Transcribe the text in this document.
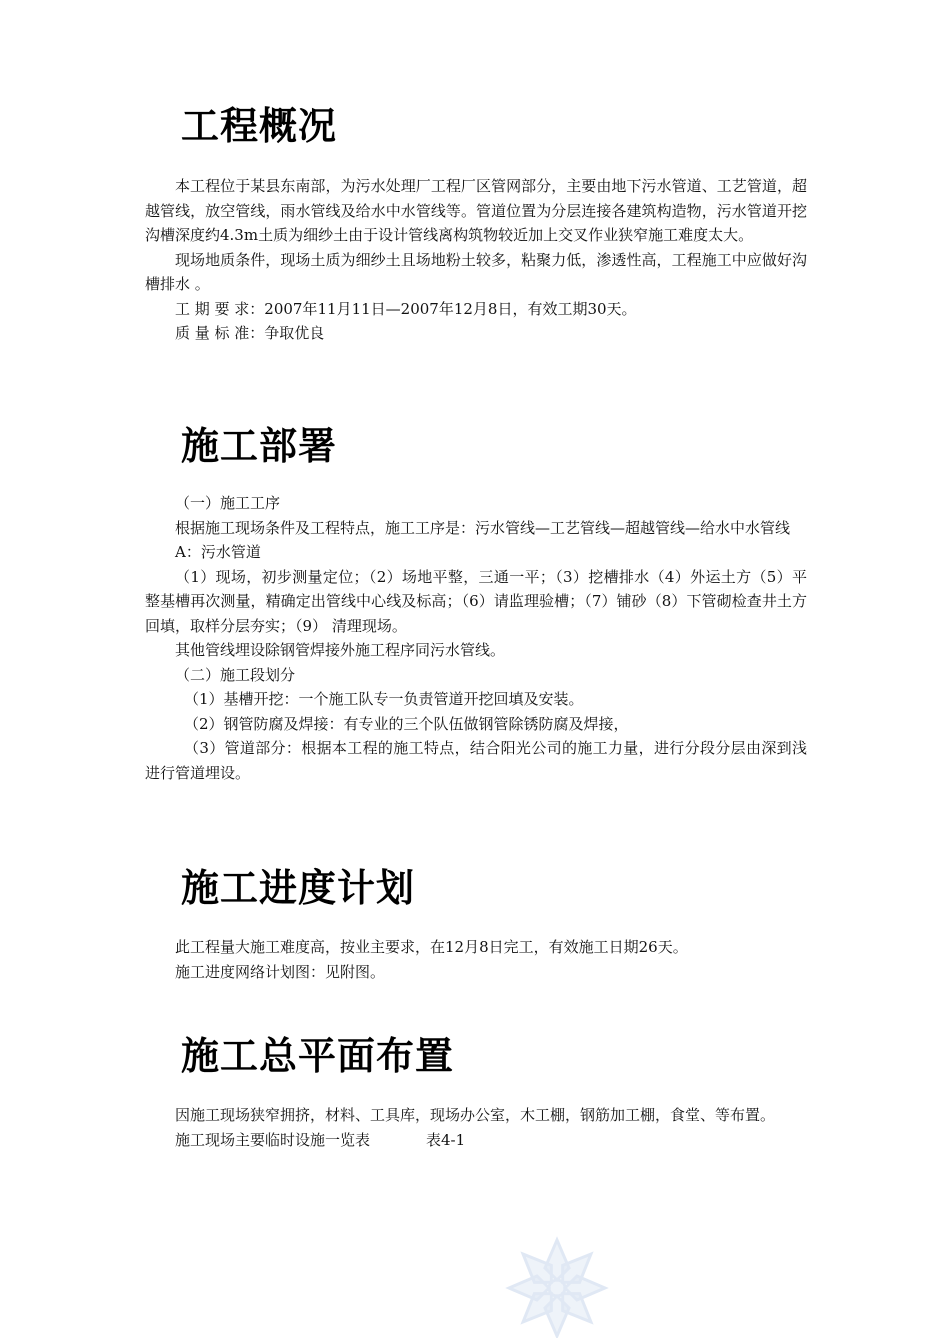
工程概况

本工程位于某县东南部，为污水处理厂工程厂区管网部分，主要由地下污水管道、工艺管道，超越管线，放空管线，雨水管线及给水中水管线等。管道位置为分层连接各建筑构造物，污水管道开挖沟槽深度约4.3m土质为细纱土由于设计管线离构筑物较近加上交叉作业狭窄施工难度太大。

现场地质条件，现场土质为细纱土且场地粉土较多，粘聚力低，渗透性高，工程施工中应做好沟槽排水 。

工 期 要 求：2007年11月11日—2007年12月8日，有效工期30天。

质 量 标 准：争取优良

施工部署

（一）施工工序

根据施工现场条件及工程特点，施工工序是：污水管线—工艺管线—超越管线—给水中水管线

A：污水管道

（1）现场，初步测量定位；（2）场地平整，三通一平；（3）挖槽排水（4）外运土方（5）平整基槽再次测量，精确定出管线中心线及标高；（6）请监理验槽；（7）铺砂（8）下管砌检查井土方回填，取样分层夯实；（9） 清理现场。

其他管线埋设除钢管焊接外施工程序同污水管线。

（二）施工段划分

（1）基槽开挖：一个施工队专一负责管道开挖回填及安装。

（2）钢管防腐及焊接：有专业的三个队伍做钢管除锈防腐及焊接，

（3）管道部分：根据本工程的施工特点，结合阳光公司的施工力量，进行分段分层由深到浅进行管道埋设。

施工进度计划

此工程量大施工难度高，按业主要求，在12月8日完工，有效施工日期26天。

施工进度网络计划图：见附图。

施工总平面布置

因施工现场狭窄拥挤，材料、工具库，现场办公室，木工棚，钢筋加工棚，食堂、等布置。

施工现场主要临时设施一览表	表4-1
